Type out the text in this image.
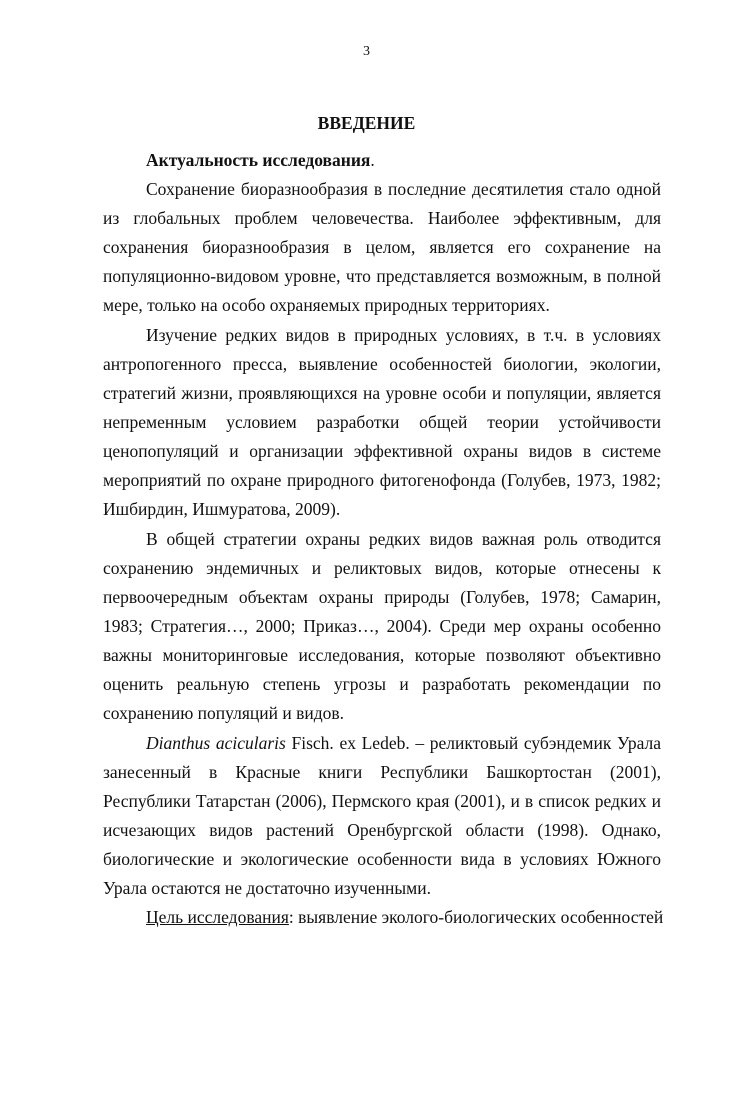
3
ВВЕДЕНИЕ
Актуальность исследования.
Сохранение биоразнообразия в последние десятилетия стало одной
из глобальных проблем человечества. Наиболее эффективным, для
сохранения биоразнообразия в целом, является его сохранение на
популяционно-видовом уровне, что представляется возможным, в полной
мере, только на особо охраняемых природных территориях.
Изучение редких видов в природных условиях, в т.ч. в условиях
антропогенного пресса, выявление особенностей биологии, экологии,
стратегий жизни, проявляющихся на уровне особи и популяции, является
непременным условием разработки общей теории устойчивости
ценопопуляций и организации эффективной охраны видов в системе
мероприятий по охране природного фитогенофонда (Голубев, 1973, 1982;
Ишбирдин, Ишмуратова, 2009).
В общей стратегии охраны редких видов важная роль отводится
сохранению эндемичных и реликтовых видов, которые отнесены к
первоочередным объектам охраны природы (Голубев, 1978; Самарин,
1983; Стратегия…, 2000; Приказ…, 2004). Среди мер охраны особенно
важны мониторинговые исследования, которые позволяют объективно
оценить реальную степень угрозы и разработать рекомендации по
сохранению популяций и видов.
Dianthus acicularis Fisch. ex Ledeb. – реликтовый субэндемик Урала
занесенный в Красные книги Республики Башкортостан (2001),
Республики Татарстан (2006), Пермского края (2001), и в список редких и
исчезающих видов растений Оренбургской области (1998). Однако,
биологические и экологические особенности вида в условиях Южного
Урала остаются не достаточно изученными.
Цель исследования: выявление эколого-биологических особенностей
